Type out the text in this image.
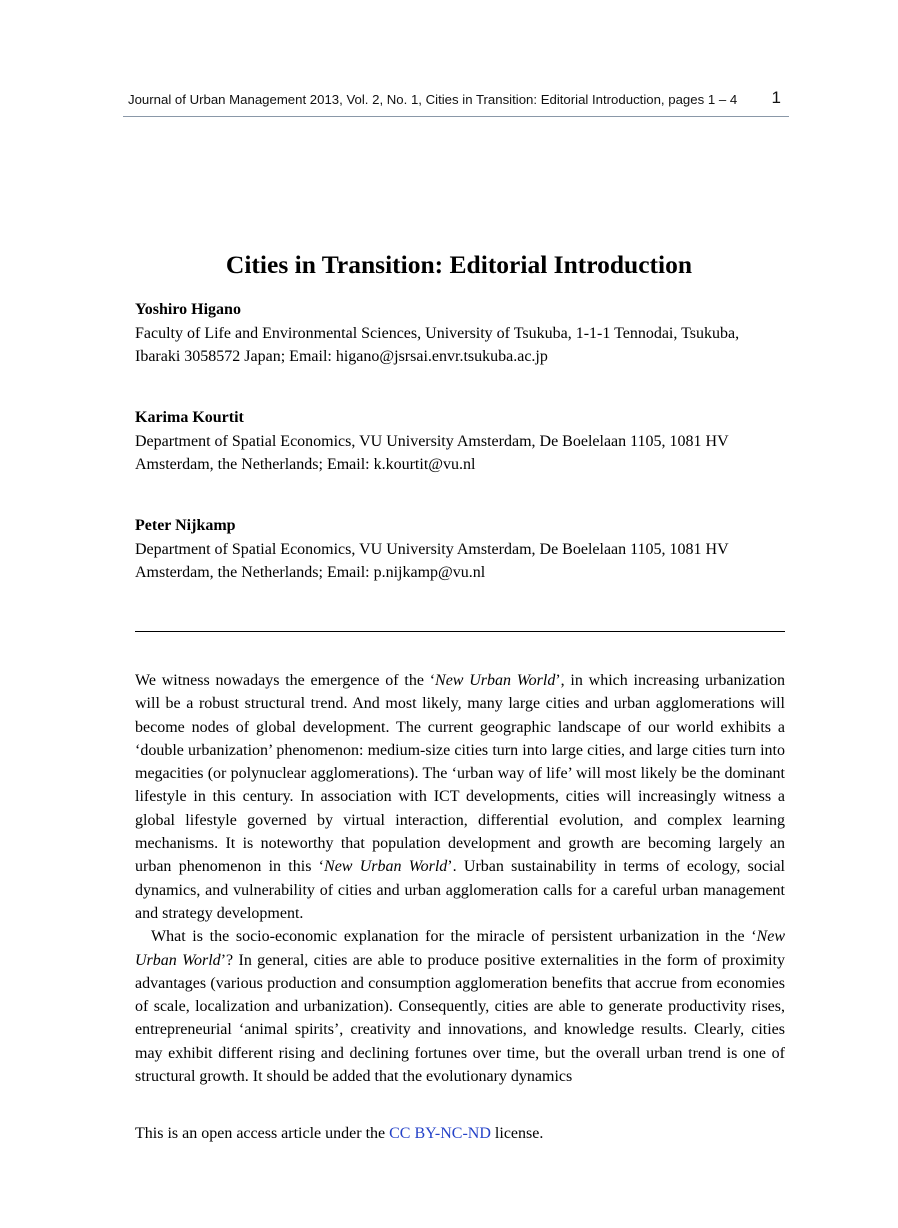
Journal of Urban Management 2013, Vol. 2, No. 1, Cities in Transition: Editorial Introduction, pages 1 – 4 1
Cities in Transition: Editorial Introduction
Yoshiro Higano
Faculty of Life and Environmental Sciences, University of Tsukuba, 1-1-1 Tennodai, Tsukuba, Ibaraki 3058572 Japan; Email: higano@jsrsai.envr.tsukuba.ac.jp
Karima Kourtit
Department of Spatial Economics, VU University Amsterdam, De Boelelaan 1105, 1081 HV Amsterdam, the Netherlands; Email: k.kourtit@vu.nl
Peter Nijkamp
Department of Spatial Economics, VU University Amsterdam, De Boelelaan 1105, 1081 HV Amsterdam, the Netherlands; Email: p.nijkamp@vu.nl

We witness nowadays the emergence of the ‘New Urban World’, in which increasing urbanization will be a robust structural trend. And most likely, many large cities and urban agglomerations will become nodes of global development. The current geographic landscape of our world exhibits a ‘double urbanization’ phenomenon: medium-size cities turn into large cities, and large cities turn into megacities (or polynuclear agglomerations). The ‘urban way of life’ will most likely be the dominant lifestyle in this century. In association with ICT developments, cities will increasingly witness a global lifestyle governed by virtual interaction, differential evolution, and complex learning mechanisms. It is noteworthy that population development and growth are becoming largely an urban phenomenon in this ‘New Urban World’. Urban sustainability in terms of ecology, social dynamics, and vulnerability of cities and urban agglomeration calls for a careful urban management and strategy development.

What is the socio-economic explanation for the miracle of persistent urbanization in the ‘New Urban World’? In general, cities are able to produce positive externalities in the form of proximity advantages (various production and consumption agglomeration benefits that accrue from economies of scale, localization and urbanization). Consequently, cities are able to generate productivity rises, entrepreneurial ‘animal spirits’, creativity and innovations, and knowledge results. Clearly, cities may exhibit different rising and declining fortunes over time, but the overall urban trend is one of structural growth. It should be added that the evolutionary dynamics

This is an open access article under the CC BY-NC-ND license.
